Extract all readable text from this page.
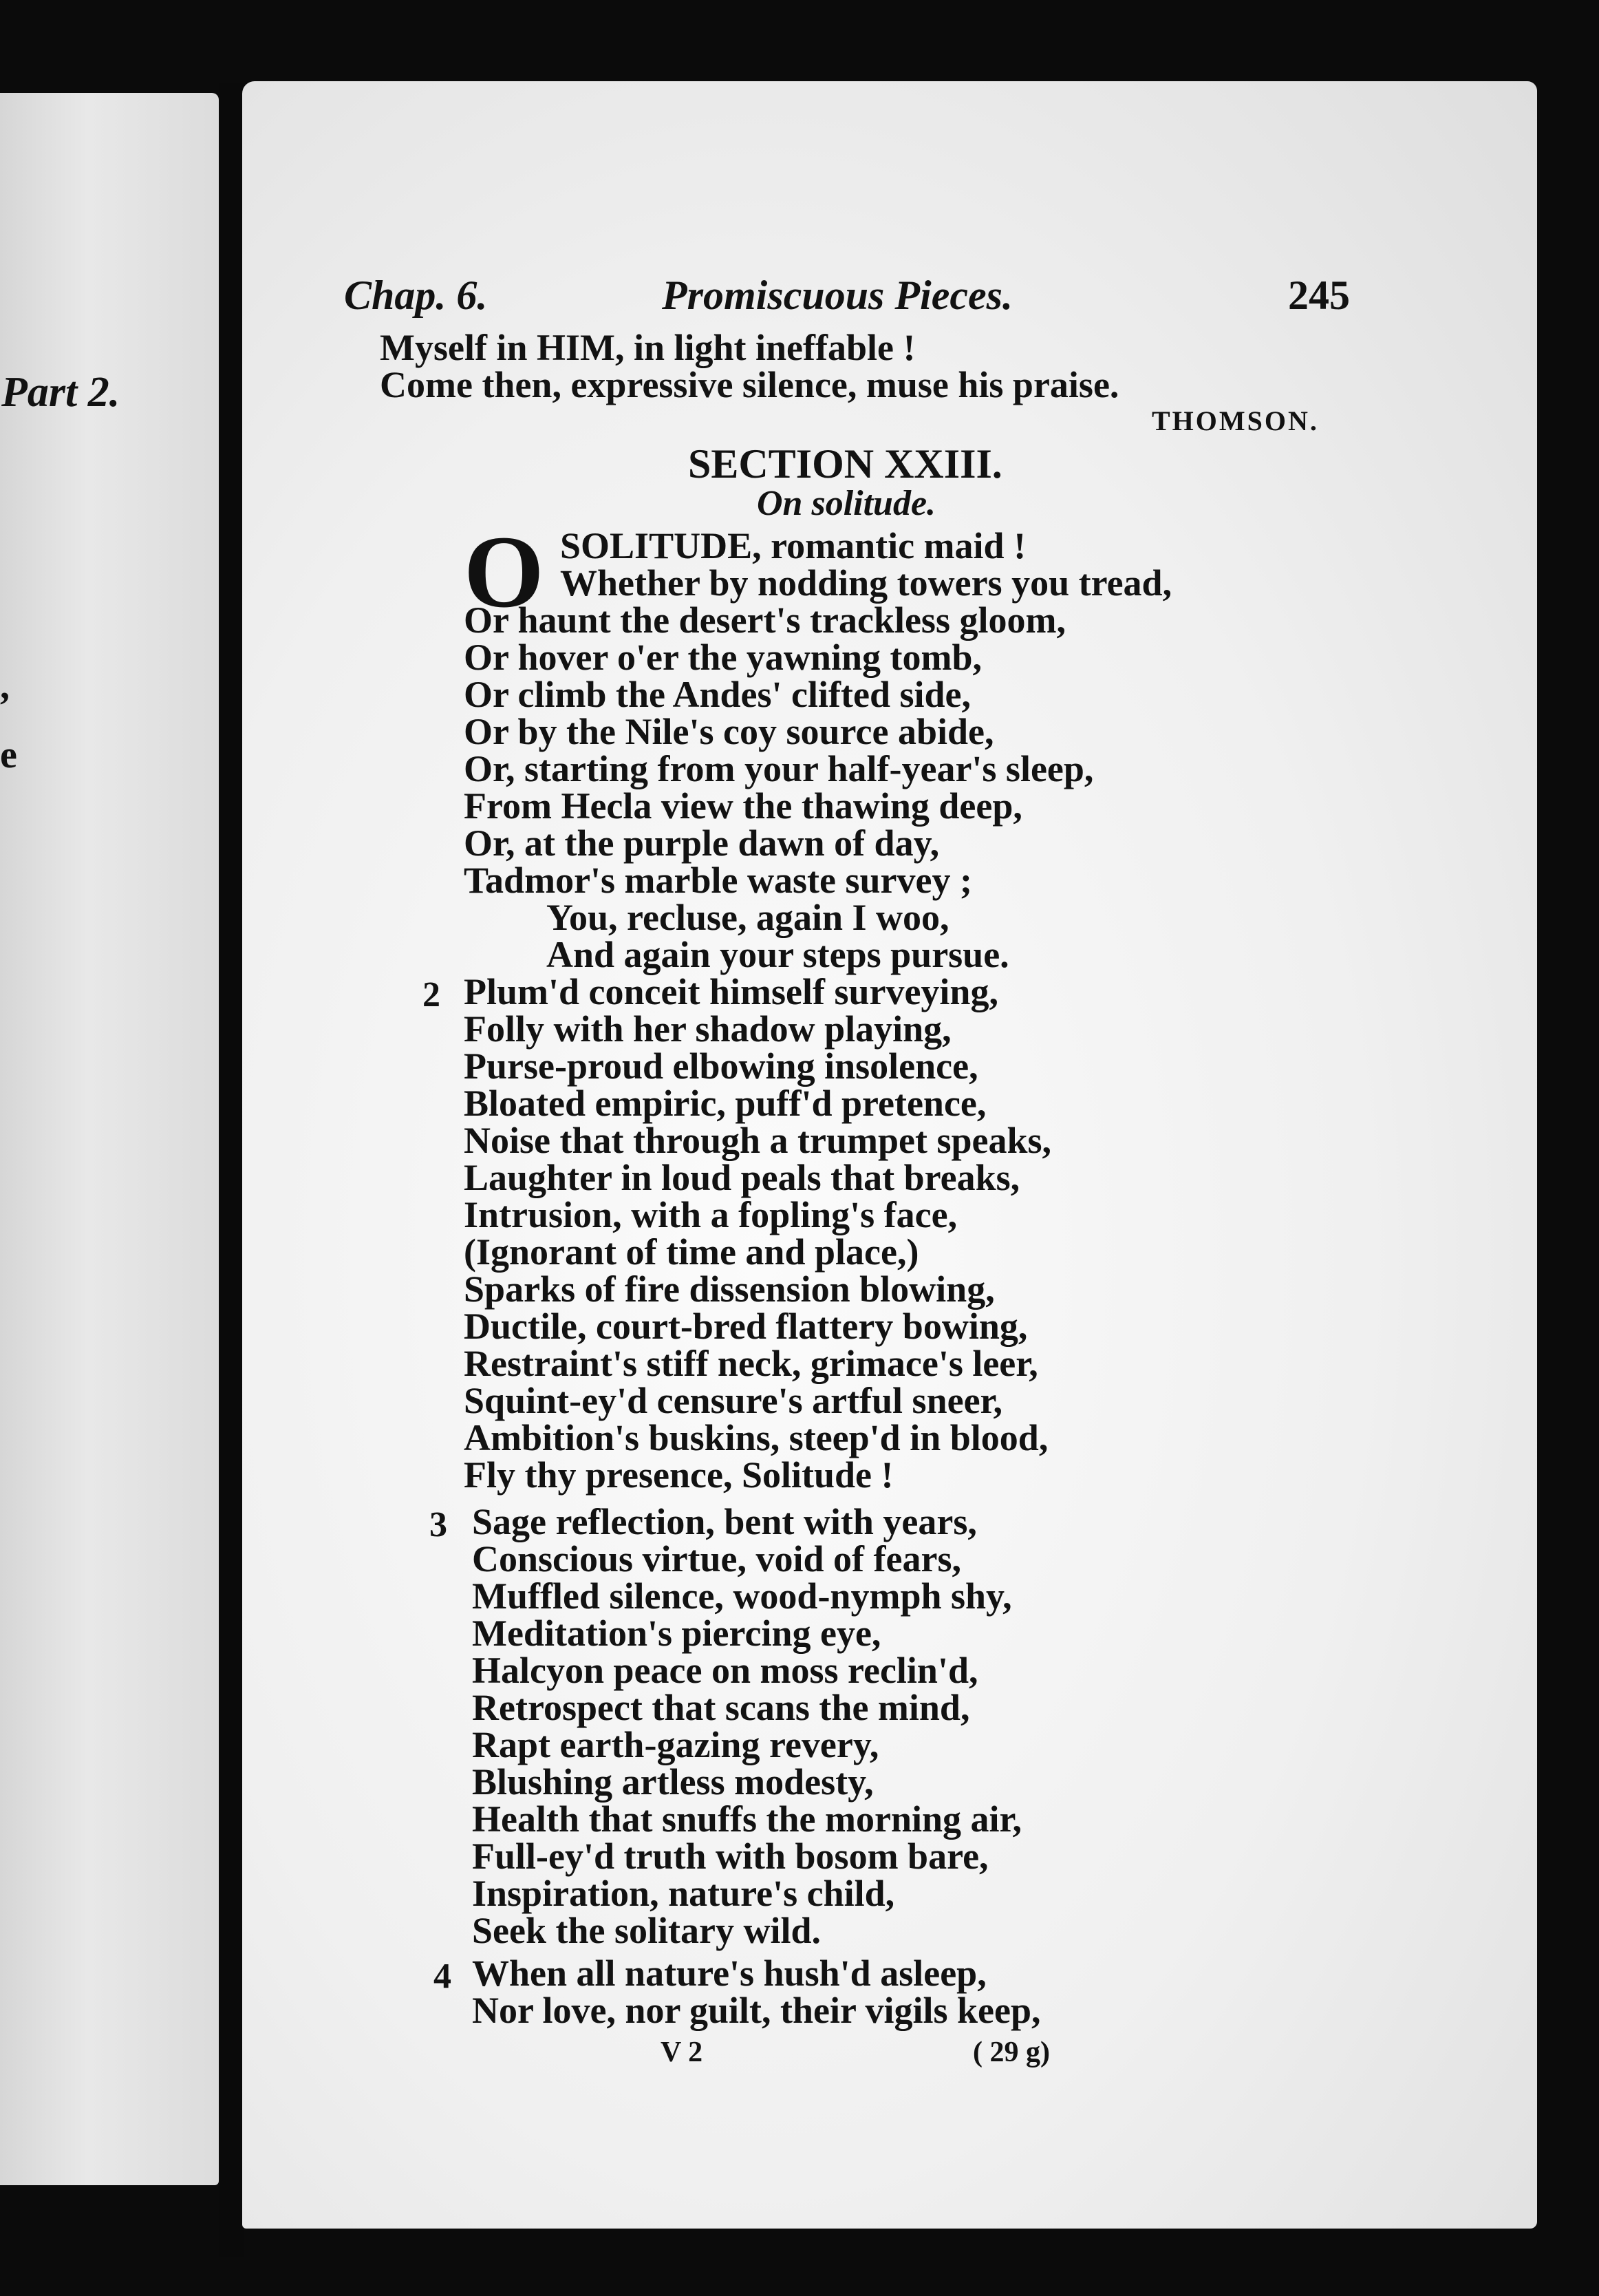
Part 2.
,
e
Chap. 6.	Promiscuous Pieces.	245
Myself in HIM, in light ineffable !
Come then, expressive silence, muse his praise.
THOMSON.
SECTION XXIII.
On solitude.
O SOLITUDE, romantic maid !
Whether by nodding towers you tread,
Or haunt the desert's trackless gloom,
Or hover o'er the yawning tomb,
Or climb the Andes' clifted side,
Or by the Nile's coy source abide,
Or, starting from your half-year's sleep,
From Hecla view the thawing deep,
Or, at the purple dawn of day,
Tadmor's marble waste survey ;
You, recluse, again I woo,
And again your steps pursue.
2 Plum'd conceit himself surveying,
Folly with her shadow playing,
Purse-proud elbowing insolence,
Bloated empiric, puff'd pretence,
Noise that through a trumpet speaks,
Laughter in loud peals that breaks,
Intrusion, with a fopling's face,
(Ignorant of time and place,)
Sparks of fire dissension blowing,
Ductile, court-bred flattery bowing,
Restraint's stiff neck, grimace's leer,
Squint-ey'd censure's artful sneer,
Ambition's buskins, steep'd in blood,
Fly thy presence, Solitude !
3 Sage reflection, bent with years,
Conscious virtue, void of fears,
Muffled silence, wood-nymph shy,
Meditation's piercing eye,
Halcyon peace on moss reclin'd,
Retrospect that scans the mind,
Rapt earth-gazing revery,
Blushing artless modesty,
Health that snuffs the morning air,
Full-ey'd truth with bosom bare,
Inspiration, nature's child,
Seek the solitary wild.
4 When all nature's hush'd asleep,
Nor love, nor guilt, their vigils keep,
V 2	( 29 g)
